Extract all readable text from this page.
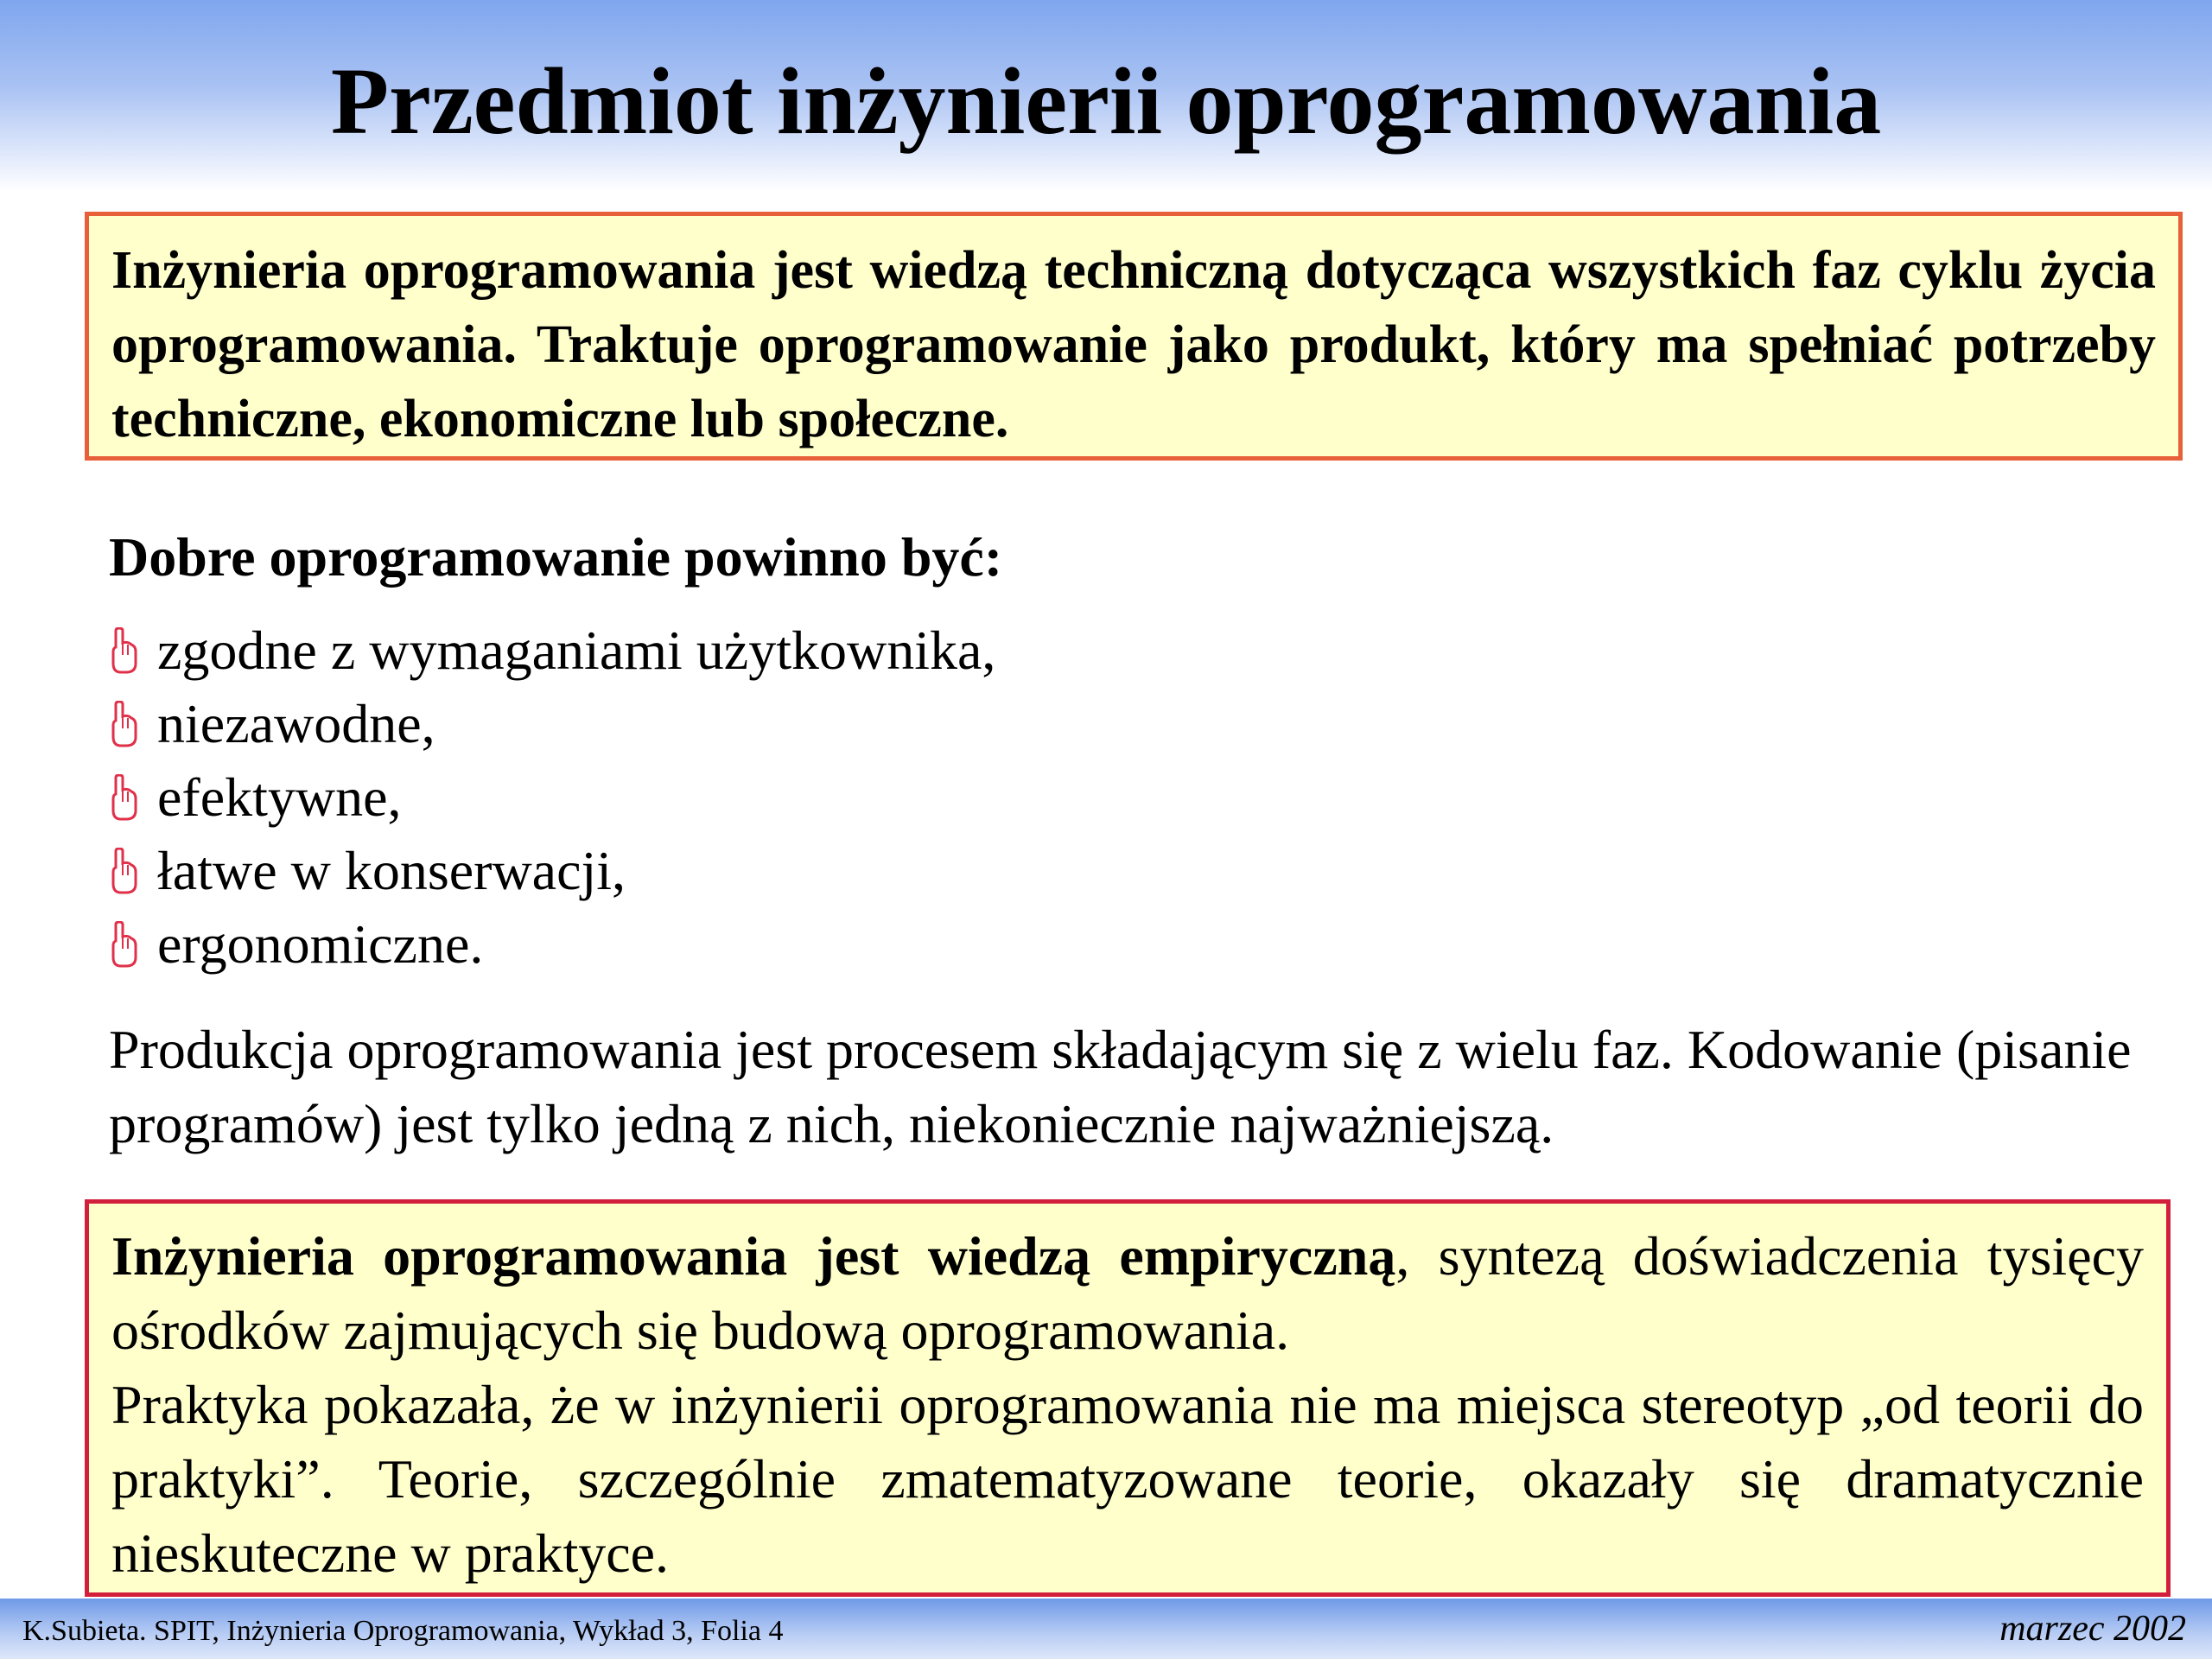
Przedmiot inżynierii oprogramowania

Inżynieria oprogramowania jest wiedzą techniczną dotycząca wszystkich faz cyklu życia oprogramowania. Traktuje oprogramowanie jako produkt, który ma spełniać potrzeby techniczne, ekonomiczne lub społeczne.

Dobre oprogramowanie powinno być:
zgodne z wymaganiami użytkownika,
niezawodne,
efektywne,
łatwe w konserwacji,
ergonomiczne.

Produkcja oprogramowania jest procesem składającym się z wielu faz. Kodowanie (pisanie programów) jest tylko jedną z nich, niekoniecznie najważniejszą.

Inżynieria oprogramowania jest wiedzą empiryczną, syntezą doświadczenia tysięcy ośrodków zajmujących się budową oprogramowania.

Praktyka pokazała, że w inżynierii oprogramowania nie ma miejsca stereotyp „od teorii do praktyki”. Teorie, szczególnie zmatematyzowane teorie, okazały się dramatycznie nieskuteczne w praktyce.

K.Subieta. SPIT, Inżynieria Oprogramowania, Wykład 3, Folia 4	marzec 2002
